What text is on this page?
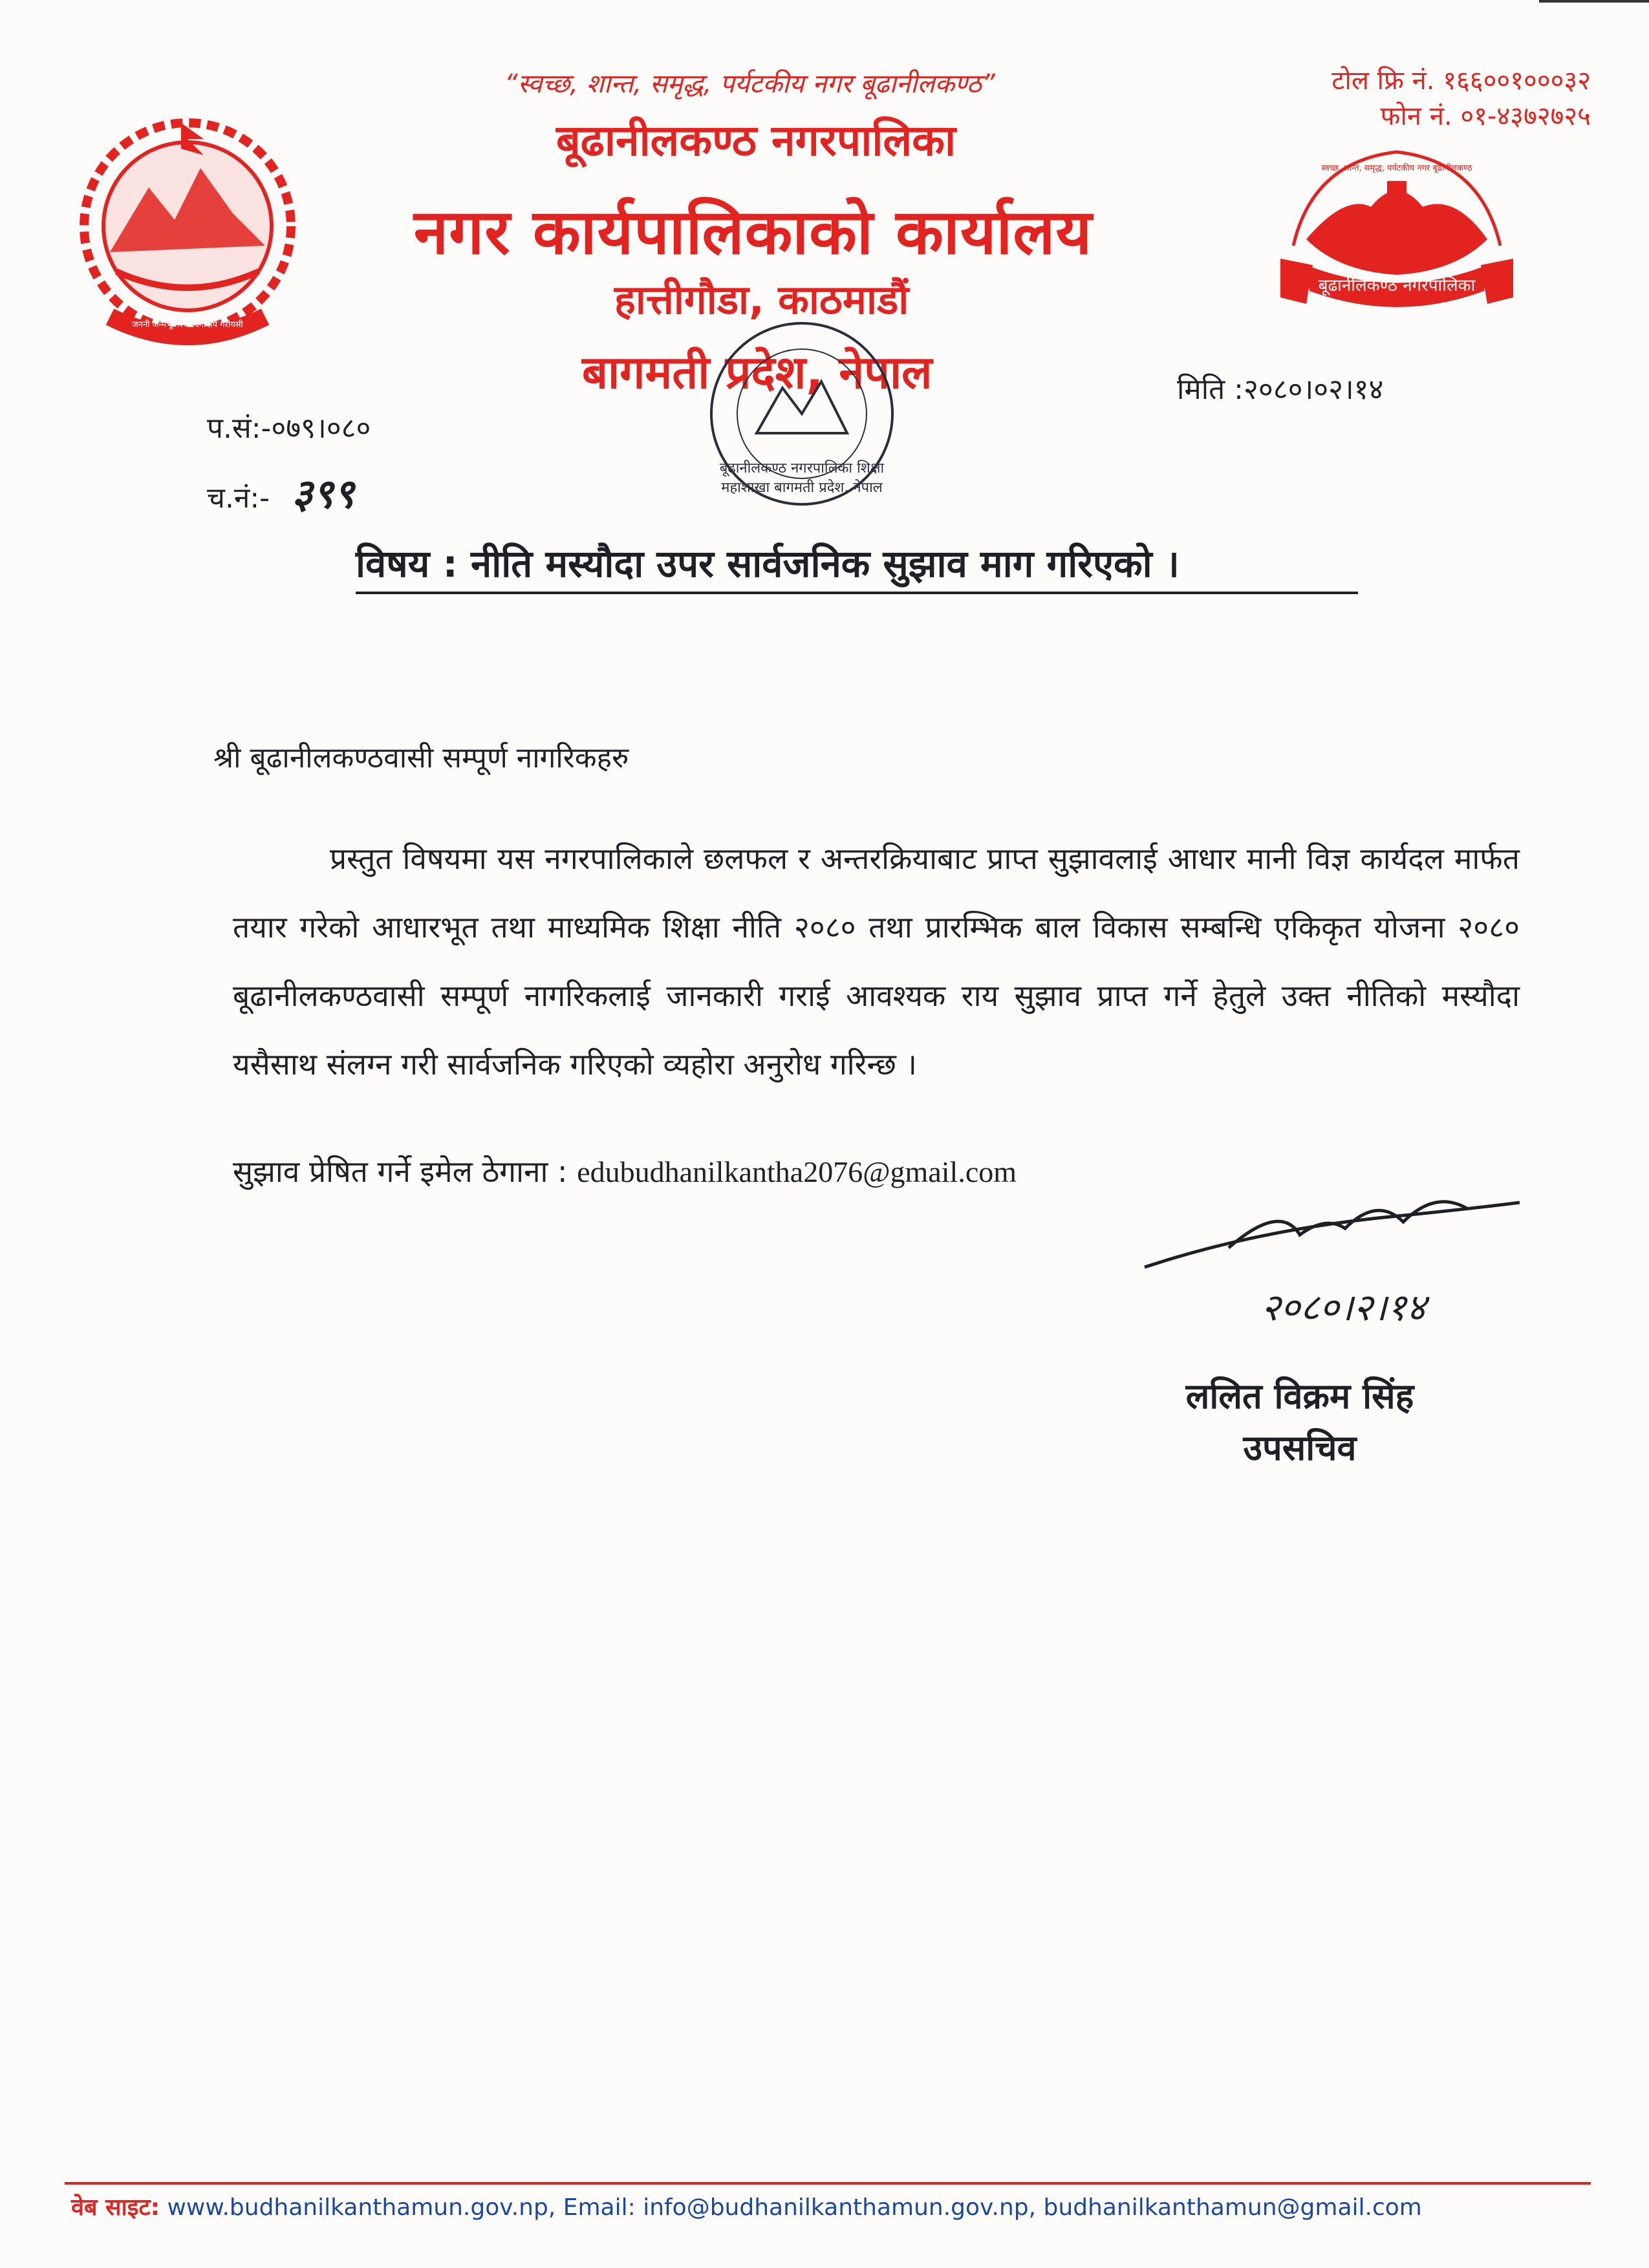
जननी जन्मभूमिश्च स्वर्गादपि गरीयसी
“स्वच्छ, शान्त, समृद्ध, पर्यटकीय नगर बूढानीलकण्ठ”
बूढानीलकण्ठ नगरपालिका
नगर कार्यपालिकाको कार्यालय
हात्तीगौडा, काठमाडौं
बागमती प्रदेश, नेपाल
टोल फ्रि नं. १६६००१०००३२
फोन नं. ०१-४३७२७२५
स्वच्छ, शान्त, समृद्ध, पर्यटकीय नगर बूढानीलकण्ठ
बूढानीलकण्ठ नगरपालिका
बूढानीलकण्ठ नगरपालिका शिक्षा महाशाखा बागमती प्रदेश, नेपाल
प.सं:-०७९।०८०
च.नं:- ३९९
मिति :२०८०।०२।१४
विषय : नीति मस्यौदा उपर सार्वजनिक सुझाव माग गरिएको ।
श्री बूढानीलकण्ठवासी सम्पूर्ण नागरिकहरु

प्रस्तुत विषयमा यस नगरपालिकाले छलफल र अन्तरक्रियाबाट प्राप्त सुझावलाई आधार मानी विज्ञ कार्यदल मार्फत तयार गरेको आधारभूत तथा माध्यमिक शिक्षा नीति २०८० तथा प्रारम्भिक बाल विकास सम्बन्धि एकिकृत योजना २०८० बूढानीलकण्ठवासी सम्पूर्ण नागरिकलाई जानकारी गराई आवश्यक राय सुझाव प्राप्त गर्ने हेतुले उक्त नीतिको मस्यौदा यसैसाथ संलग्न गरी सार्वजनिक गरिएको व्यहोरा अनुरोध गरिन्छ ।

सुझाव प्रेषित गर्ने इमेल ठेगाना : edubudhanilkantha2076@gmail.com
२०८०।२।१४
ललित विक्रम सिंह
उपसचिव
वेब साइट: www.budhanilkanthamun.gov.np, Email: info@budhanilkanthamun.gov.np, budhanilkanthamun@gmail.com
